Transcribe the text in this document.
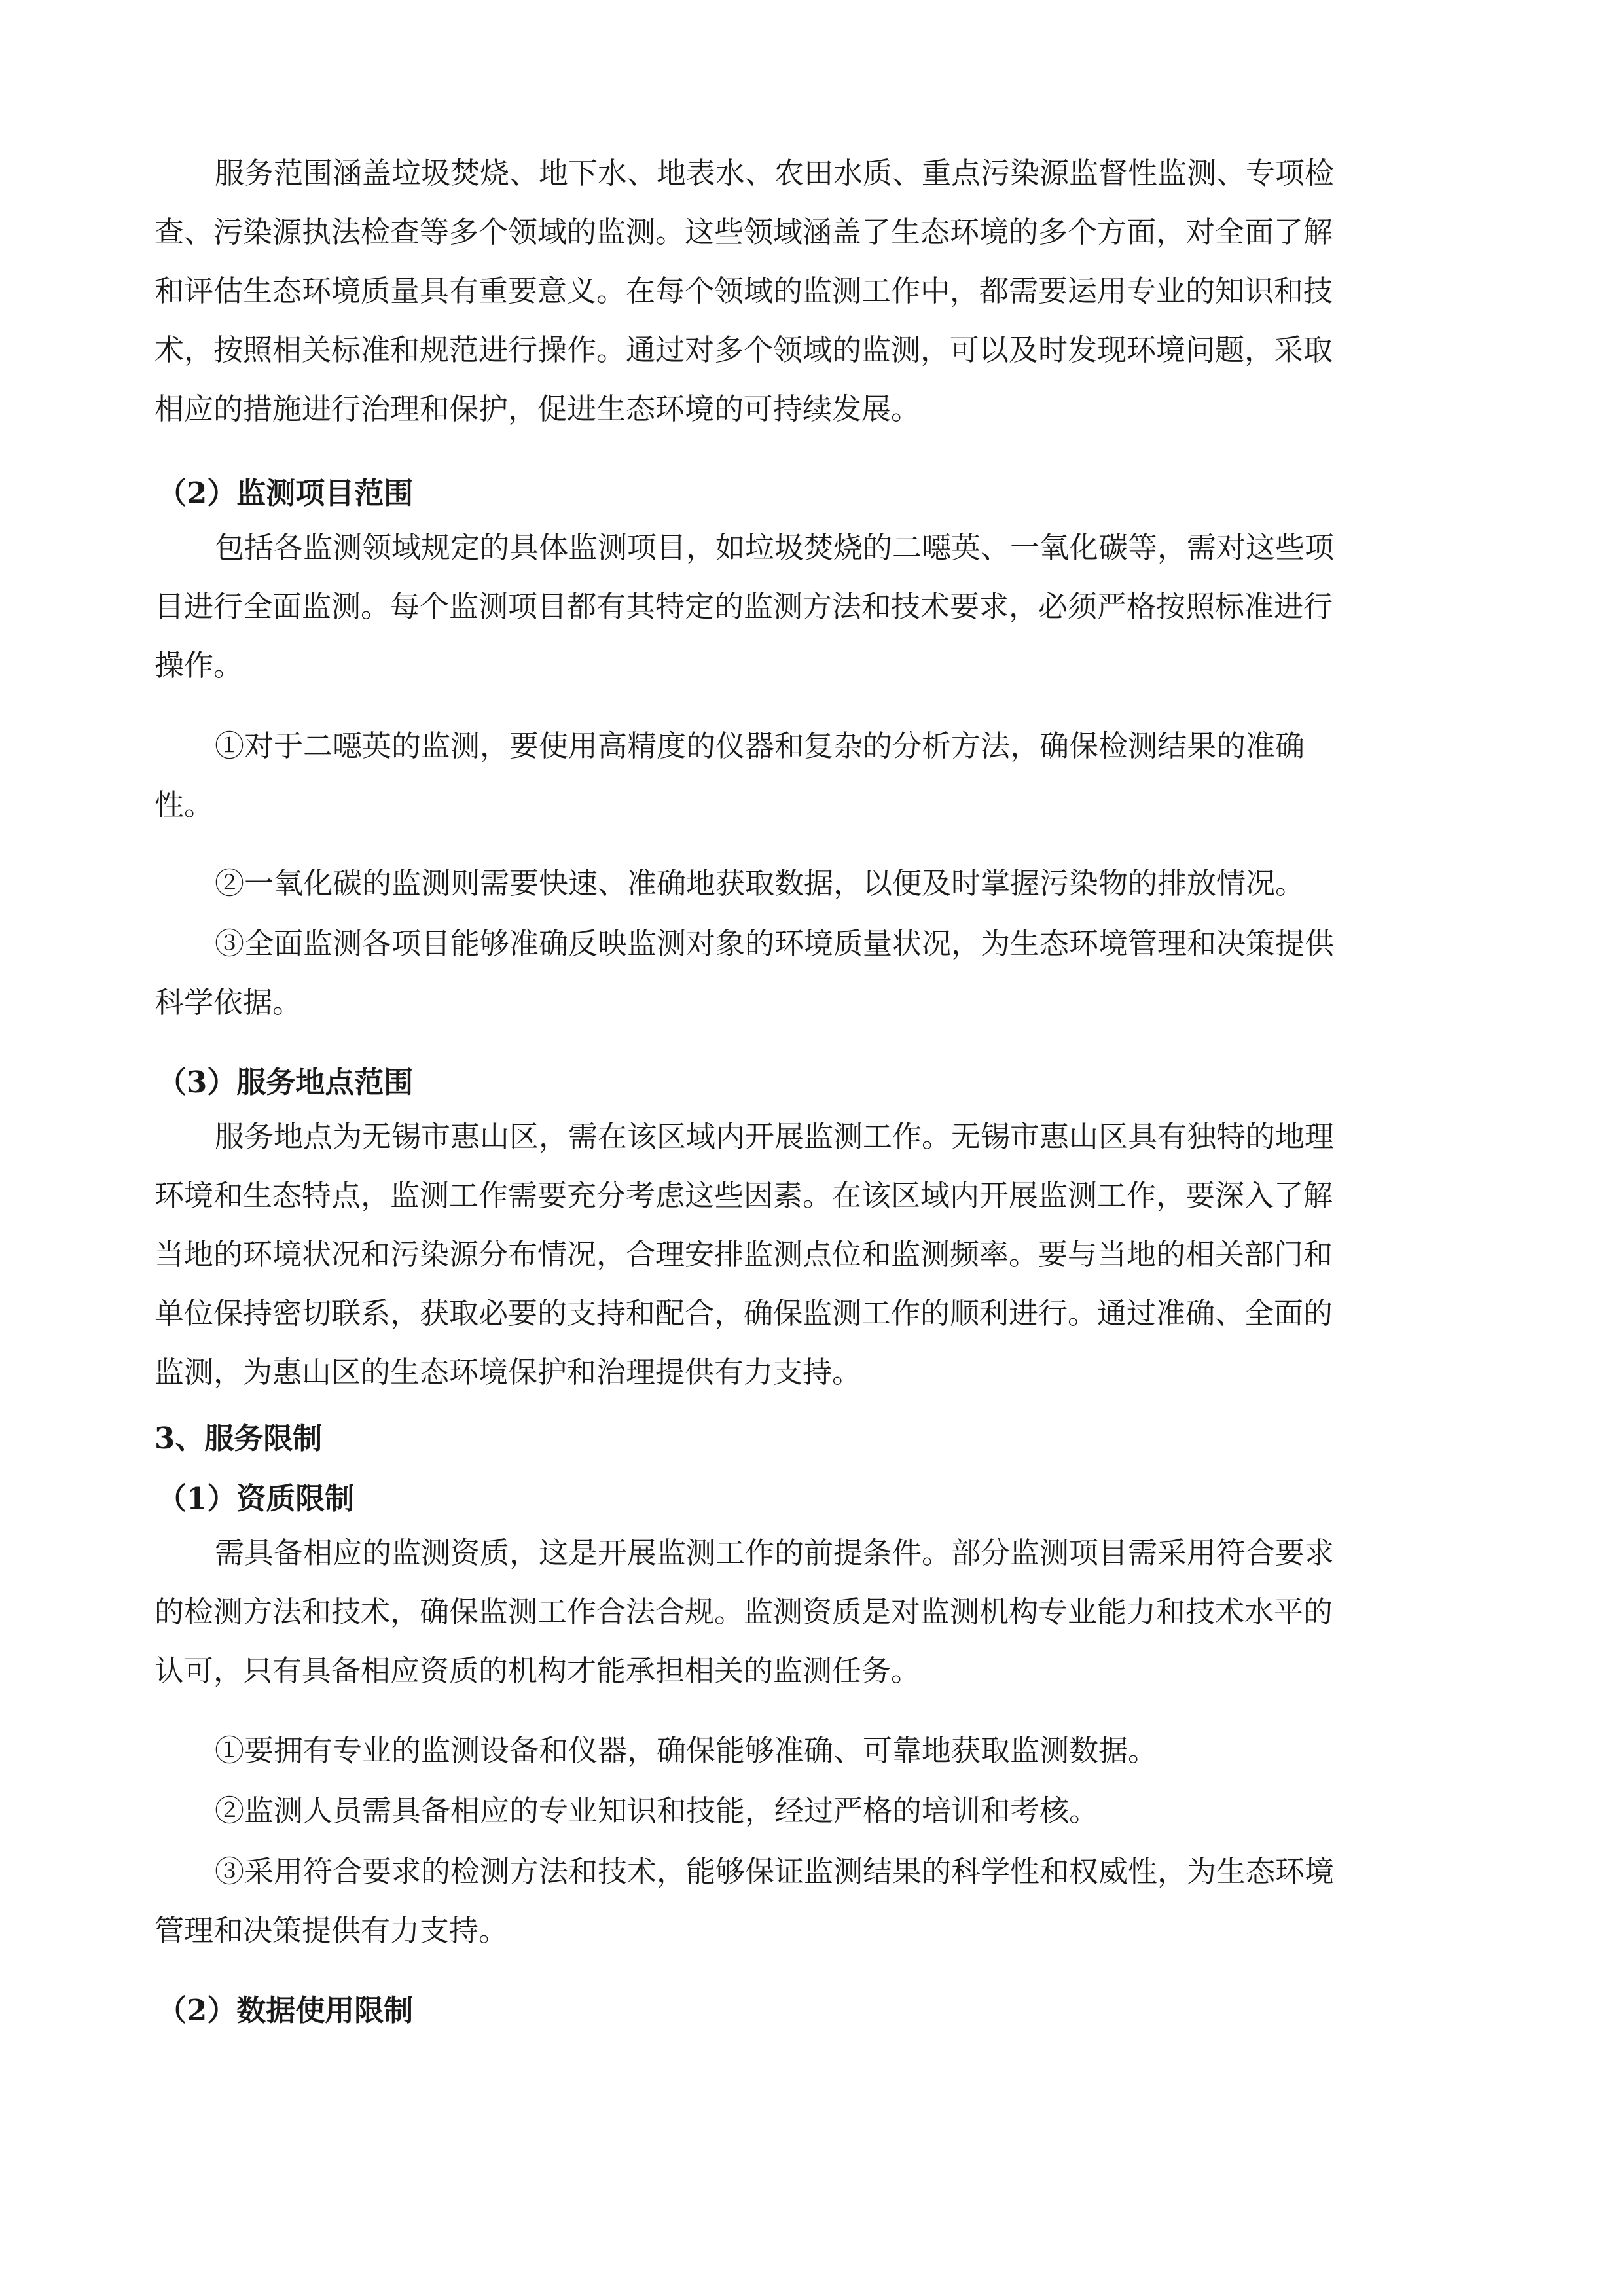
服务范围涵盖垃圾焚烧、地下水、地表水、农田水质、重点污染源监督性监测、专项检
查、污染源执法检查等多个领域的监测。这些领域涵盖了生态环境的多个方面，对全面了解
和评估生态环境质量具有重要意义。在每个领域的监测工作中，都需要运用专业的知识和技
术，按照相关标准和规范进行操作。通过对多个领域的监测，可以及时发现环境问题，采取
相应的措施进行治理和保护，促进生态环境的可持续发展。
（2）监测项目范围
包括各监测领域规定的具体监测项目，如垃圾焚烧的二噁英、一氧化碳等，需对这些项
目进行全面监测。每个监测项目都有其特定的监测方法和技术要求，必须严格按照标准进行
操作。
①对于二噁英的监测，要使用高精度的仪器和复杂的分析方法，确保检测结果的准确
性。
②一氧化碳的监测则需要快速、准确地获取数据，以便及时掌握污染物的排放情况。
③全面监测各项目能够准确反映监测对象的环境质量状况，为生态环境管理和决策提供
科学依据。
（3）服务地点范围
服务地点为无锡市惠山区，需在该区域内开展监测工作。无锡市惠山区具有独特的地理
环境和生态特点，监测工作需要充分考虑这些因素。在该区域内开展监测工作，要深入了解
当地的环境状况和污染源分布情况，合理安排监测点位和监测频率。要与当地的相关部门和
单位保持密切联系，获取必要的支持和配合，确保监测工作的顺利进行。通过准确、全面的
监测，为惠山区的生态环境保护和治理提供有力支持。
3、服务限制
（1）资质限制
需具备相应的监测资质，这是开展监测工作的前提条件。部分监测项目需采用符合要求
的检测方法和技术，确保监测工作合法合规。监测资质是对监测机构专业能力和技术水平的
认可，只有具备相应资质的机构才能承担相关的监测任务。
①要拥有专业的监测设备和仪器，确保能够准确、可靠地获取监测数据。
②监测人员需具备相应的专业知识和技能，经过严格的培训和考核。
③采用符合要求的检测方法和技术，能够保证监测结果的科学性和权威性，为生态环境
管理和决策提供有力支持。
（2）数据使用限制
